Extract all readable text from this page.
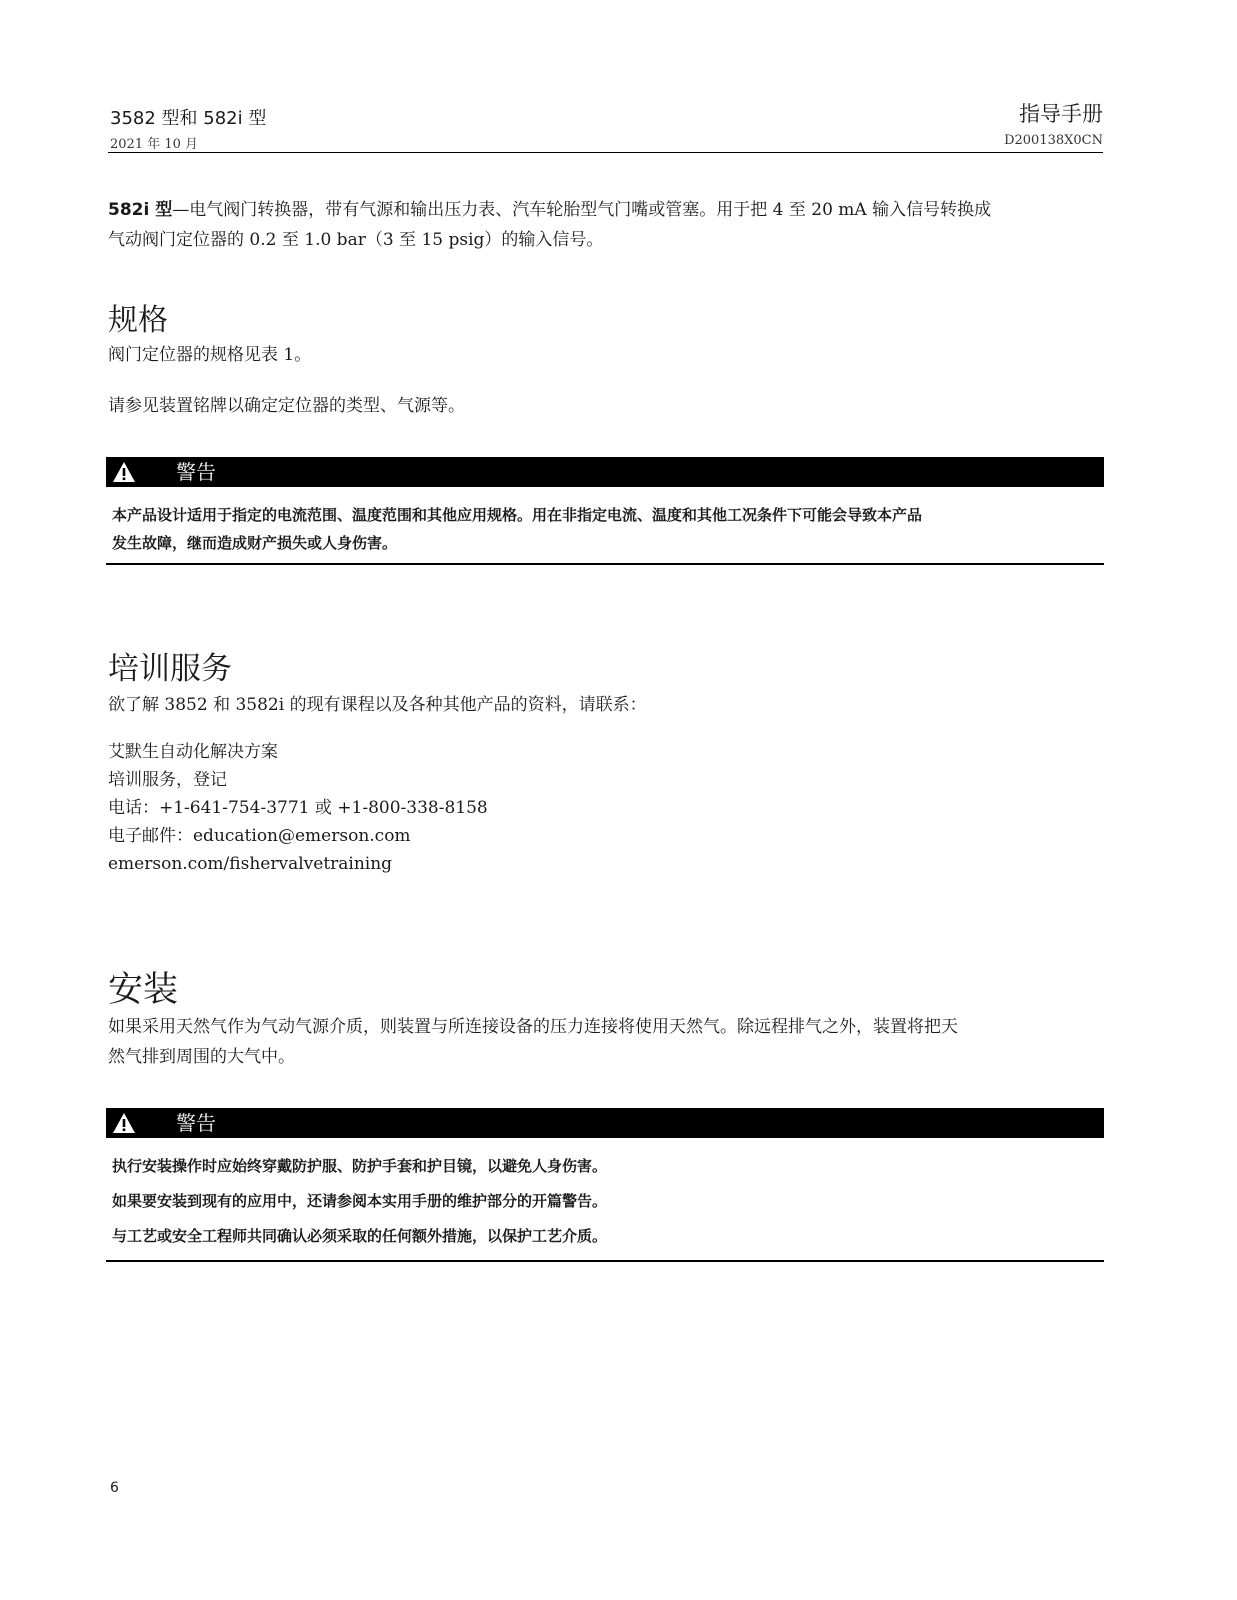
3582 型和 582i 型
2021 年 10 月
指导手册
D200138X0CN

582i 型—电气阀门转换器，带有气源和输出压力表、汽车轮胎型气门嘴或管塞。用于把 4 至 20 mA 输入信号转换成
气动阀门定位器的 0.2 至 1.0 bar（3 至 15 psig）的输入信号。

规格

阀门定位器的规格见表 1。

请参见装置铭牌以确定定位器的类型、气源等。

警告

本产品设计适用于指定的电流范围、温度范围和其他应用规格。用在非指定电流、温度和其他工况条件下可能会导致本产品

发生故障，继而造成财产损失或人身伤害。

培训服务

欲了解 3852 和 3582i 的现有课程以及各种其他产品的资料，请联系：

艾默生自动化解决方案
培训服务，登记
电话：+1-641-754-3771 或 +1-800-338-8158
电子邮件：education@emerson.com
emerson.com/fishervalvetraining
安装

如果采用天然气作为气动气源介质，则装置与所连接设备的压力连接将使用天然气。除远程排气之外，装置将把天
然气排到周围的大气中。

警告

执行安装操作时应始终穿戴防护服、防护手套和护目镜，以避免人身伤害。

如果要安装到现有的应用中，还请参阅本实用手册的维护部分的开篇警告。

与工艺或安全工程师共同确认必须采取的任何额外措施，以保护工艺介质。

6
